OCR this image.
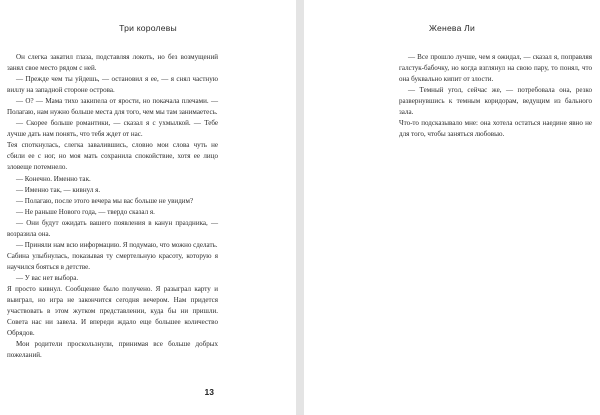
Три королевы

Он слегка закатил глаза, подставляя локоть, но без возмущений занял свое место рядом с ней.

— Прежде чем ты уйдешь, — остановил я ее, — я снял частную виллу на западной стороне острова.

— О? — Мама тихо закипела от ярости, но покачала плечами. — Полагаю, нам нужно больше места для того, чем мы там занимаетесь.

— Скорее больше романтики, — сказал я с ухмылкой. — Тебе лучше дать нам понять, что тебя ждет от нас.

Тея споткнулась, слегка завалившись, словно мои слова чуть не сбили ее с ног, но моя мать сохранила спокойствие, хотя ее лицо зловеще потемнело.

— Конечно. Именно так.

— Именно так, — кивнул я.

— Полагаю, после этого вечера мы вас больше не увидим?

— Не раньше Нового года, — твердо сказал я.

— Они будут ожидать вашего появления в канун праздника, — возразила она.

— Приняли нам всю информацию. Я подумаю, что можно сделать.

Сабина улыбнулась, показывая ту смертельную красоту, которую я научился бояться в детстве.

— У вас нет выбора.

Я просто кивнул. Сообщение было получено. Я разыграл карту и выиграл, но игра не закончится сегодня вечером. Нам придется участвовать в этом жутком представлении, куда бы ни пришли. Совета нас ни завела. И впереди ждало еще большее количество Обрядов.

Мои родители проскользнули, принимая все больше добрых пожеланий.

13
Женева Ли

— Все прошло лучше, чем я ожидал, — сказал я, поправляя галстук-бабочку, но когда взглянул на свою пару, то понял, что она буквально кипит от злости.

— Темный угол, сейчас же, — потребовала она, резко развернувшись к темным коридорам, ведущим из бального зала.

Что-то подсказывало мне: она хотела остаться наедине явно не для того, чтобы заняться любовью.
